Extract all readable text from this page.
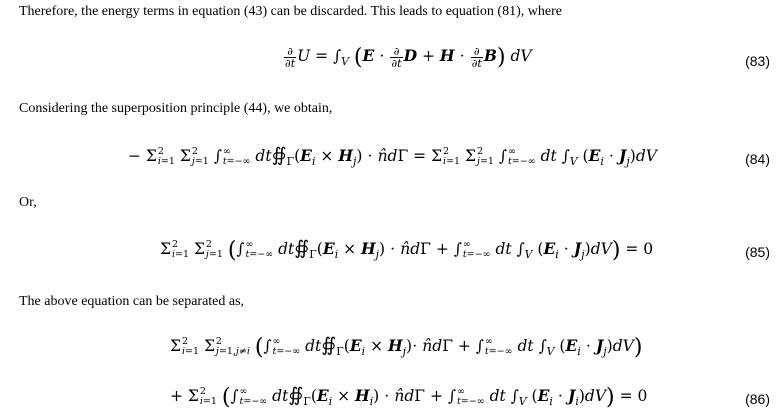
Therefore, the energy terms in equation (43) can be discarded. This leads to equation (81), where
$\frac{\partial}{\partial t}$ $U = \int_V$ ($E \cdot \frac{\partial}{\partial t}$ $D + H \cdot \frac{\partial}{\partial t} B$) dV	(83)
Considering the superposition principle (44), we obtain,
− Σ 2
i=1 Σ 2
j=1 ∫ ∞
t=−∞ $dt∯_\Gamma(E_i \times H_j)$ ⋅ n̂dΓ = Σ 2
i=1 Σ 2
j=1 ∫ ∞
t=−∞ dt $\int_V$ $(E_i \cdot J_j)dV$	(84)
Or,
Σ 2
i=1 Σ 2
j=1 (∫ ∞
t=−∞ $dt∯_\Gamma(E_i \times H_j)$ ⋅ n̂dΓ + ∫ ∞
t=−∞ dt $\int_V$ $(E_i \cdot J_j)dV) = 0$	(85)
The above equation can be separated as,
Σ 2
i=1 Σ 2
j=1,j≠i (∫ ∞
t=−∞ $dt∯_\Gamma(E_i \times H_j)\cdot$ n̂dΓ + ∫ ∞
t=−∞ dt $\int_V$ $(E_i \cdot J_j)dV$)
+ Σ 2
i=1 (∫ ∞
t=−∞ $dt∯_\Gamma(E_i \times H_i)$ ⋅ n̂dΓ + ∫ ∞
t=−∞ dt $\int_V$ $(E_i \cdot J_i)dV) = 0$	(86)
